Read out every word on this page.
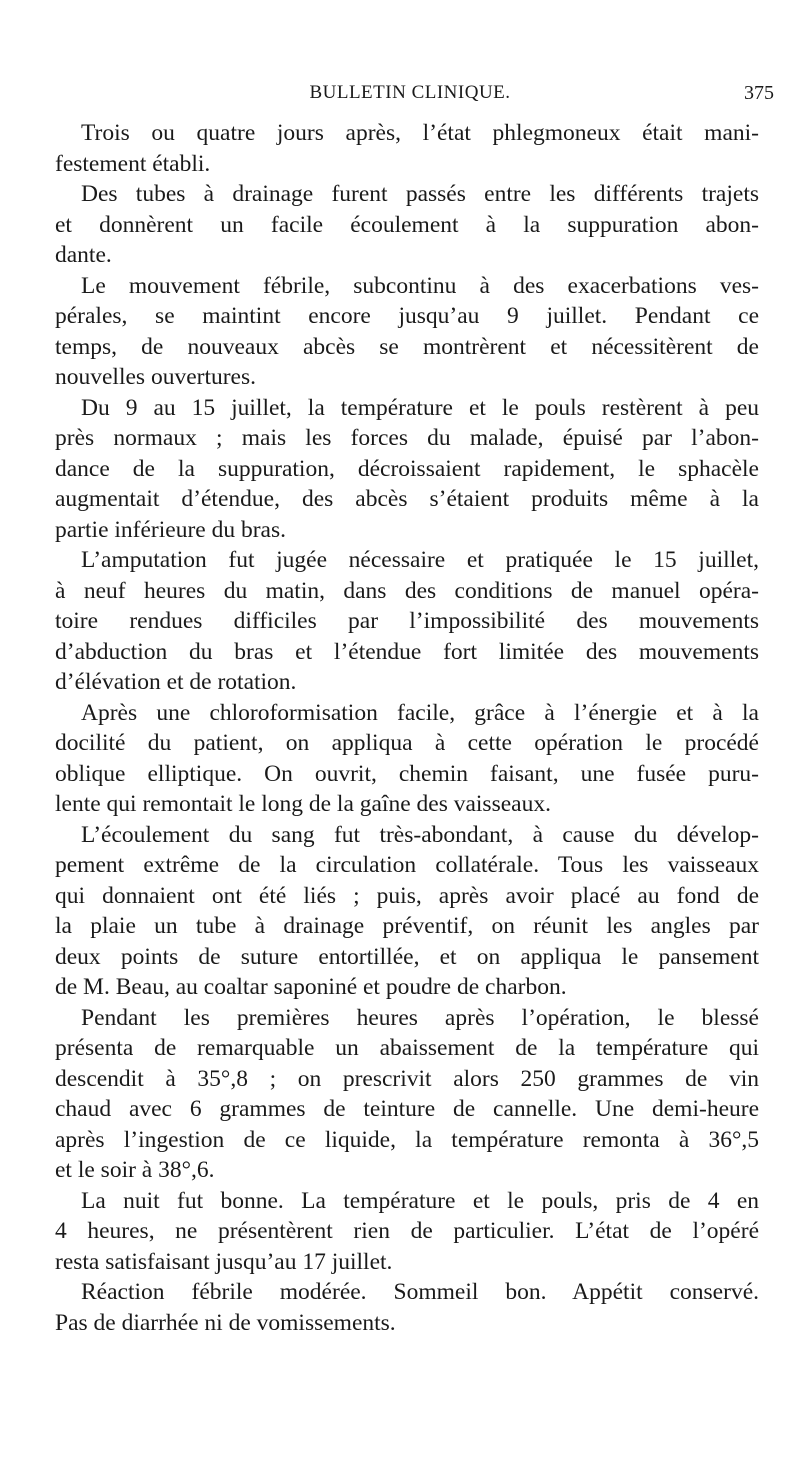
BULLETIN CLINIQUE.	375
Trois ou quatre jours après, l’état phlegmoneux était mani-
festement établi.
Des tubes à drainage furent passés entre les différents trajets
et donnèrent un facile écoulement à la suppuration abon-
dante.
Le mouvement fébrile, subcontinu à des exacerbations ves-
pérales, se maintint encore jusqu’au 9 juillet. Pendant ce
temps, de nouveaux abcès se montrèrent et nécessitèrent de
nouvelles ouvertures.
Du 9 au 15 juillet, la température et le pouls restèrent à peu
près normaux ; mais les forces du malade, épuisé par l’abon-
dance de la suppuration, décroissaient rapidement, le sphacèle
augmentait d’étendue, des abcès s’étaient produits même à la
partie inférieure du bras.
L’amputation fut jugée nécessaire et pratiquée le 15 juillet,
à neuf heures du matin, dans des conditions de manuel opéra-
toire rendues difficiles par l’impossibilité des mouvements
d’abduction du bras et l’étendue fort limitée des mouvements
d’élévation et de rotation.
Après une chloroformisation facile, grâce à l’énergie et à la
docilité du patient, on appliqua à cette opération le procédé
oblique elliptique. On ouvrit, chemin faisant, une fusée puru-
lente qui remontait le long de la gaîne des vaisseaux.
L’écoulement du sang fut très-abondant, à cause du dévelop-
pement extrême de la circulation collatérale. Tous les vaisseaux
qui donnaient ont été liés ; puis, après avoir placé au fond de
la plaie un tube à drainage préventif, on réunit les angles par
deux points de suture entortillée, et on appliqua le pansement
de M. Beau, au coaltar saponiné et poudre de charbon.
Pendant les premières heures après l’opération, le blessé
présenta de remarquable un abaissement de la température qui
descendit à 35°,8 ; on prescrivit alors 250 grammes de vin
chaud avec 6 grammes de teinture de cannelle. Une demi-heure
après l’ingestion de ce liquide, la température remonta à 36°,5
et le soir à 38°,6.
La nuit fut bonne. La température et le pouls, pris de 4 en
4 heures, ne présentèrent rien de particulier. L’état de l’opéré
resta satisfaisant jusqu’au 17 juillet.
Réaction fébrile modérée. Sommeil bon. Appétit conservé.
Pas de diarrhée ni de vomissements.
